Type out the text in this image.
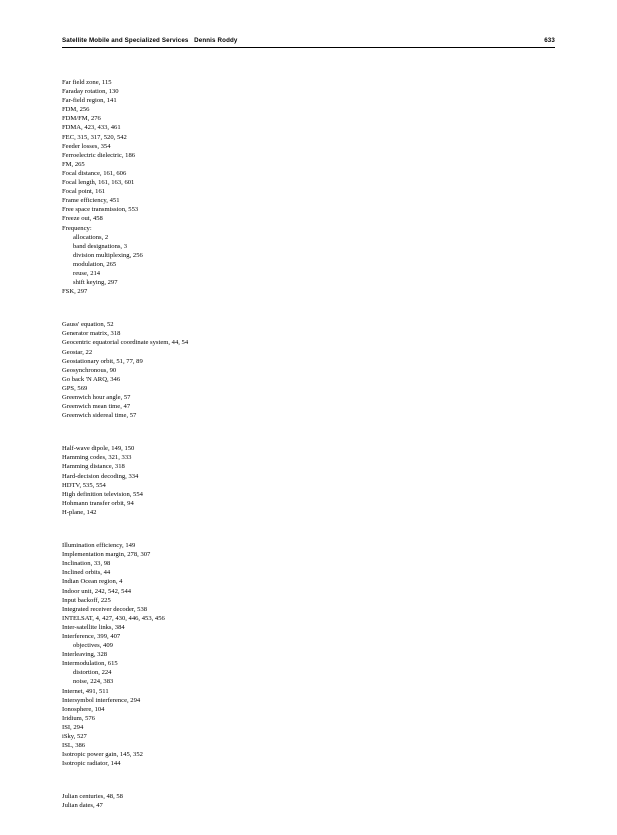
Satellite Mobile and Specialized Services   Dennis Roddy	633
Far field zone, 115
Faraday rotation, 130
Far-field region, 141
FDM, 256
FDM/FM, 276
FDMA, 423, 433, 461
FEC, 315, 317, 520, 542
Feeder losses, 354
Ferroelectric dielectric, 186
FM, 265
Focal distance, 161, 606
Focal length, 161, 163, 601
Focal point, 161
Frame efficiency, 451
Free space transmission, 553
Freeze out, 458
Frequency:
allocations, 2
band designations, 3
division multiplexing, 256
modulation, 265
reuse, 214
shift keying, 297
FSK, 297
Gauss' equation, 52
Generator matrix, 318
Geocentric equatorial coordinate system, 44, 54
Geostar, 22
Geostationary orbit, 51, 77, 89
Geosynchronous, 90
Go back 'N ARQ, 346
GPS, 569
Greenwich hour angle, 57
Greenwich mean time, 47
Greenwich sidereal time, 57
Half-wave dipole, 149, 150
Hamming codes, 321, 333
Hamming distance, 318
Hard-decision decoding, 334
HDTV, 535, 554
High definition television, 554
Hohmann transfer orbit, 94
H-plane, 142
Illumination efficiency, 149
Implementation margin, 278, 307
Inclination, 33, 98
Inclined orbits, 44
Indian Ocean region, 4
Indoor unit, 242, 542, 544
Input backoff, 225
Integrated receiver decoder, 538
INTELSAT, 4, 427, 430, 446, 453, 456
Inter-satellite links, 384
Interference, 399, 407
objectives, 409
Interleaving, 328
Intermodulation, 615
distortion, 224
noise, 224, 383
Internet, 491, 511
Intersymbol interference, 294
Ionosphere, 104
Iridium, 576
ISI, 294
iSky, 527
ISL, 386
Isotropic power gain, 145, 352
Isotropic radiator, 144
Julian centuries, 48, 58
Julian dates, 47
